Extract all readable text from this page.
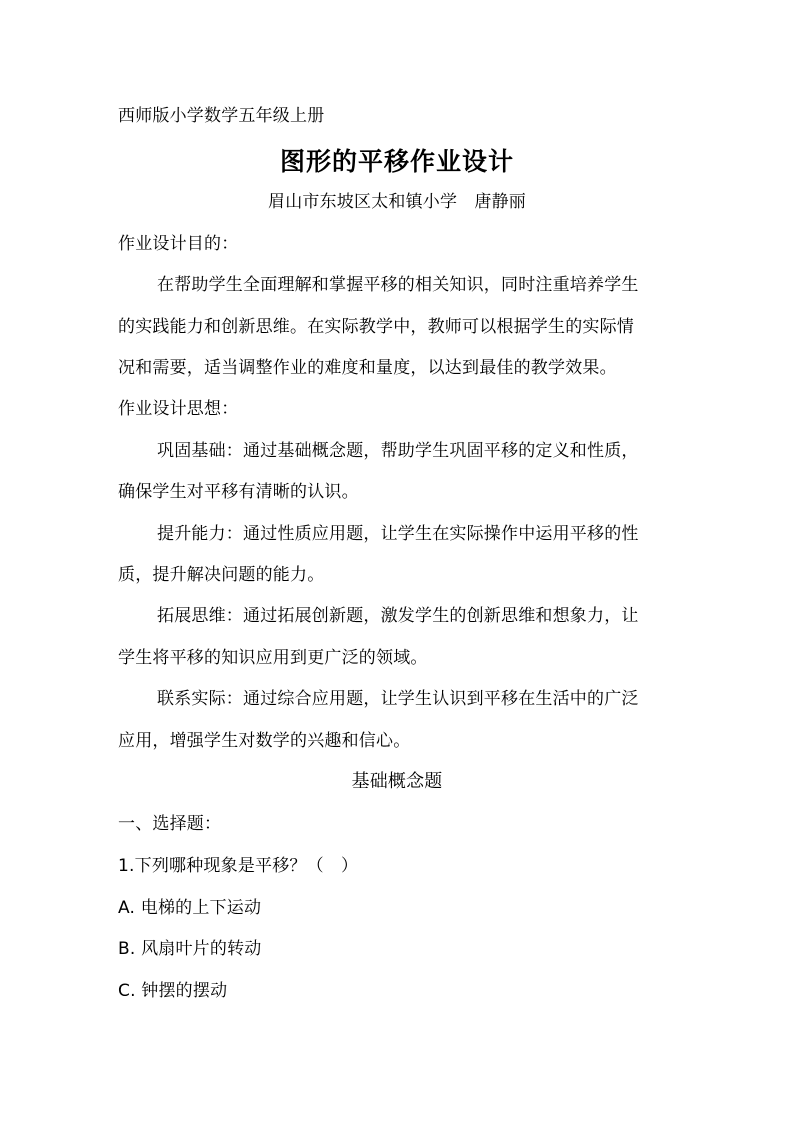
西师版小学数学五年级上册
图形的平移作业设计
眉山市东坡区太和镇小学　唐静丽
作业设计目的：
在帮助学生全面理解和掌握平移的相关知识，同时注重培养学生
的实践能力和创新思维。在实际教学中，教师可以根据学生的实际情
况和需要，适当调整作业的难度和量度，以达到最佳的教学效果。
作业设计思想：
巩固基础：通过基础概念题，帮助学生巩固平移的定义和性质，
确保学生对平移有清晰的认识。
提升能力：通过性质应用题，让学生在实际操作中运用平移的性
质，提升解决问题的能力。
拓展思维：通过拓展创新题，激发学生的创新思维和想象力，让
学生将平移的知识应用到更广泛的领域。
联系实际：通过综合应用题，让学生认识到平移在生活中的广泛
应用，增强学生对数学的兴趣和信心。
基础概念题
一、选择题：
1.下列哪种现象是平移？（　）
A. 电梯的上下运动
B. 风扇叶片的转动
C. 钟摆的摆动
